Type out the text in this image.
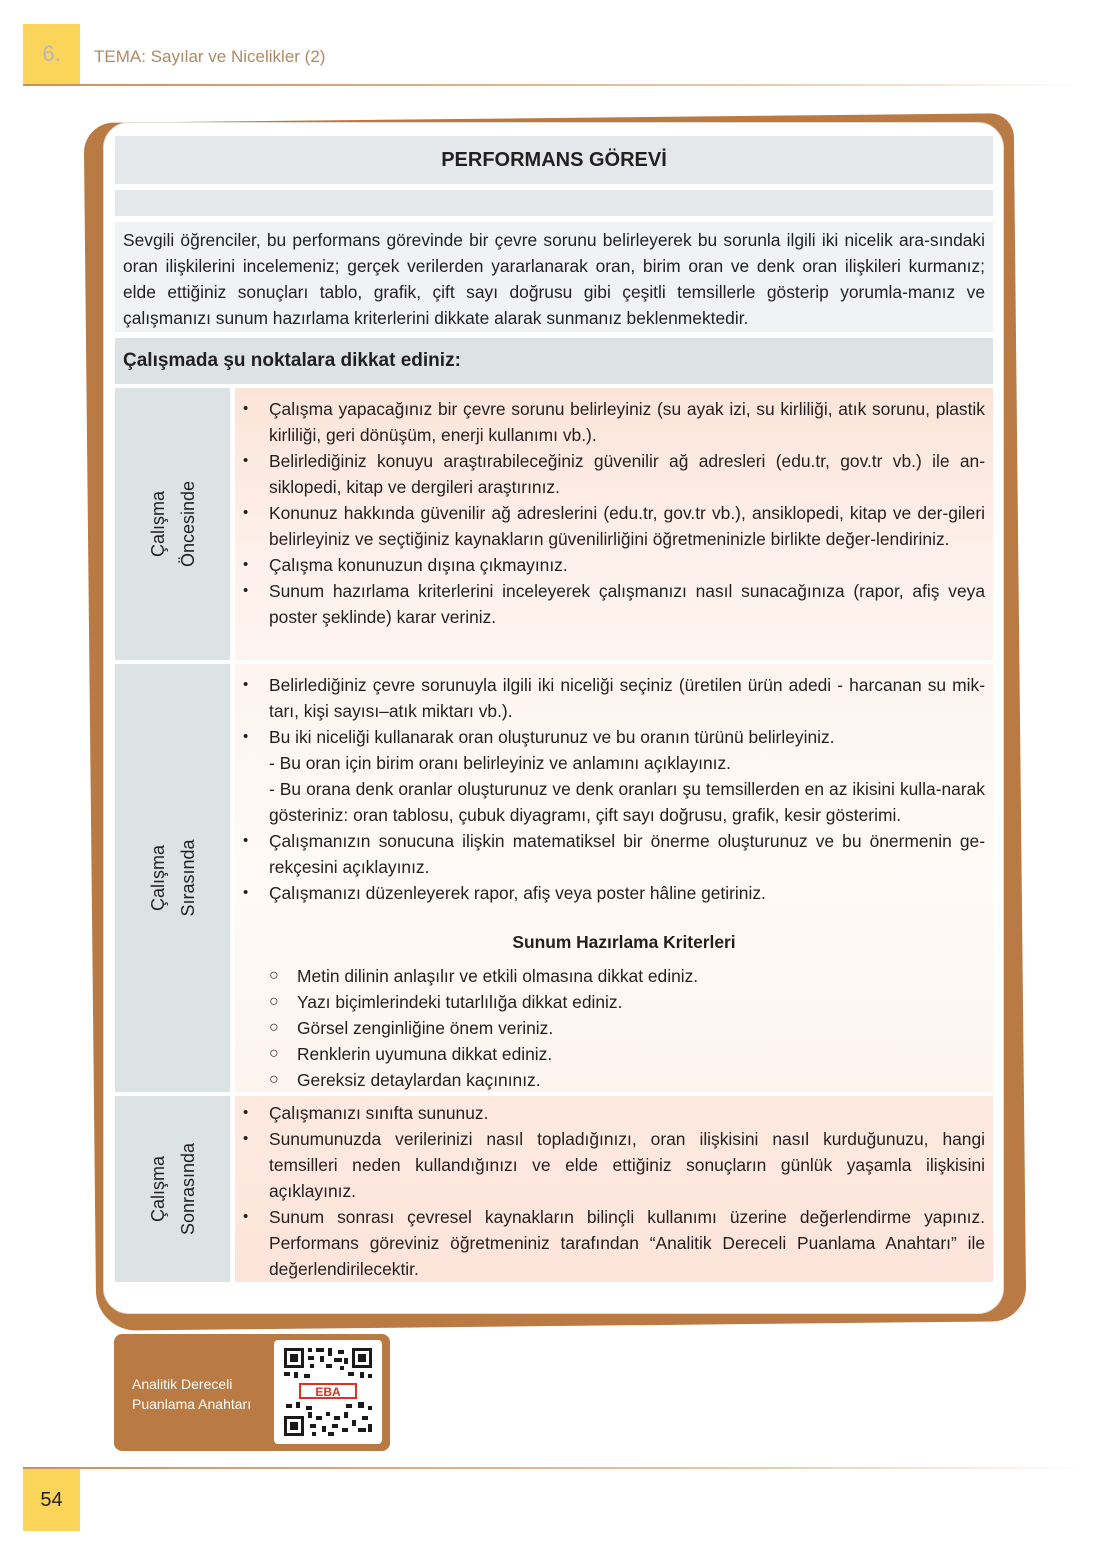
6.	TEMA: Sayılar ve Nicelikler (2)
PERFORMANS GÖREVİ
Sevgili öğrenciler, bu performans görevinde bir çevre sorunu belirleyerek bu sorunla ilgili iki nicelik ara-sındaki oran ilişkilerini incelemeniz; gerçek verilerden yararlanarak oran, birim oran ve denk oran ilişkileri kurmanız; elde ettiğiniz sonuçları tablo, grafik, çift sayı doğrusu gibi çeşitli temsillerle gösterip yorumla-manız ve çalışmanızı sunum hazırlama kriterlerini dikkate alarak sunmanız beklenmektedir.
Çalışmada şu noktalara dikkat ediniz:
Çalışma Öncesinde
• Çalışma yapacağınız bir çevre sorunu belirleyiniz (su ayak izi, su kirliliği, atık sorunu, plastik kirliliği, geri dönüşüm, enerji kullanımı vb.).
• Belirlediğiniz konuyu araştırabileceğiniz güvenilir ağ adresleri (edu.tr, gov.tr vb.) ile an-siklopedi, kitap ve dergileri araştırınız.
• Konunuz hakkında güvenilir ağ adreslerini (edu.tr, gov.tr vb.), ansiklopedi, kitap ve der-gileri belirleyiniz ve seçtiğiniz kaynakların güvenilirliğini öğretmeninizle birlikte değer-lendiriniz.
• Çalışma konunuzun dışına çıkmayınız.
• Sunum hazırlama kriterlerini inceleyerek çalışmanızı nasıl sunacağınıza (rapor, afiş veya poster şeklinde) karar veriniz.
Çalışma Sırasında
• Belirlediğiniz çevre sorunuyla ilgili iki niceliği seçiniz (üretilen ürün adedi - harcanan su mik-tarı, kişi sayısı–atık miktarı vb.).
• Bu iki niceliği kullanarak oran oluşturunuz ve bu oranın türünü belirleyiniz.
- Bu oran için birim oranı belirleyiniz ve anlamını açıklayınız.
- Bu orana denk oranlar oluşturunuz ve denk oranları şu temsillerden en az ikisini kulla-narak gösteriniz: oran tablosu, çubuk diyagramı, çift sayı doğrusu, grafik, kesir gösterimi.
• Çalışmanızın sonucuna ilişkin matematiksel bir önerme oluşturunuz ve bu önermenin ge-rekçesini açıklayınız.
• Çalışmanızı düzenleyerek rapor, afiş veya poster hâline getiriniz.
Sunum Hazırlama Kriterleri
○ Metin dilinin anlaşılır ve etkili olmasına dikkat ediniz.
○ Yazı biçimlerindeki tutarlılığa dikkat ediniz.
○ Görsel zenginliğine önem veriniz.
○ Renklerin uyumuna dikkat ediniz.
○ Gereksiz detaylardan kaçınınız.
Çalışma Sonrasında
• Çalışmanızı sınıfta sununuz.
• Sunumunuzda verilerinizi nasıl topladığınızı, oran ilişkisini nasıl kurduğunuzu, hangi temsilleri neden kullandığınızı ve elde ettiğiniz sonuçların günlük yaşamla ilişkisini açıklayınız.
• Sunum sonrası çevresel kaynakların bilinçli kullanımı üzerine değerlendirme yapınız. Performans göreviniz öğretmeniniz tarafından “Analitik Dereceli Puanlama Anahtarı” ile değerlendirilecektir.
Analitik Dereceli
Puanlama Anahtarı
EBA
54
